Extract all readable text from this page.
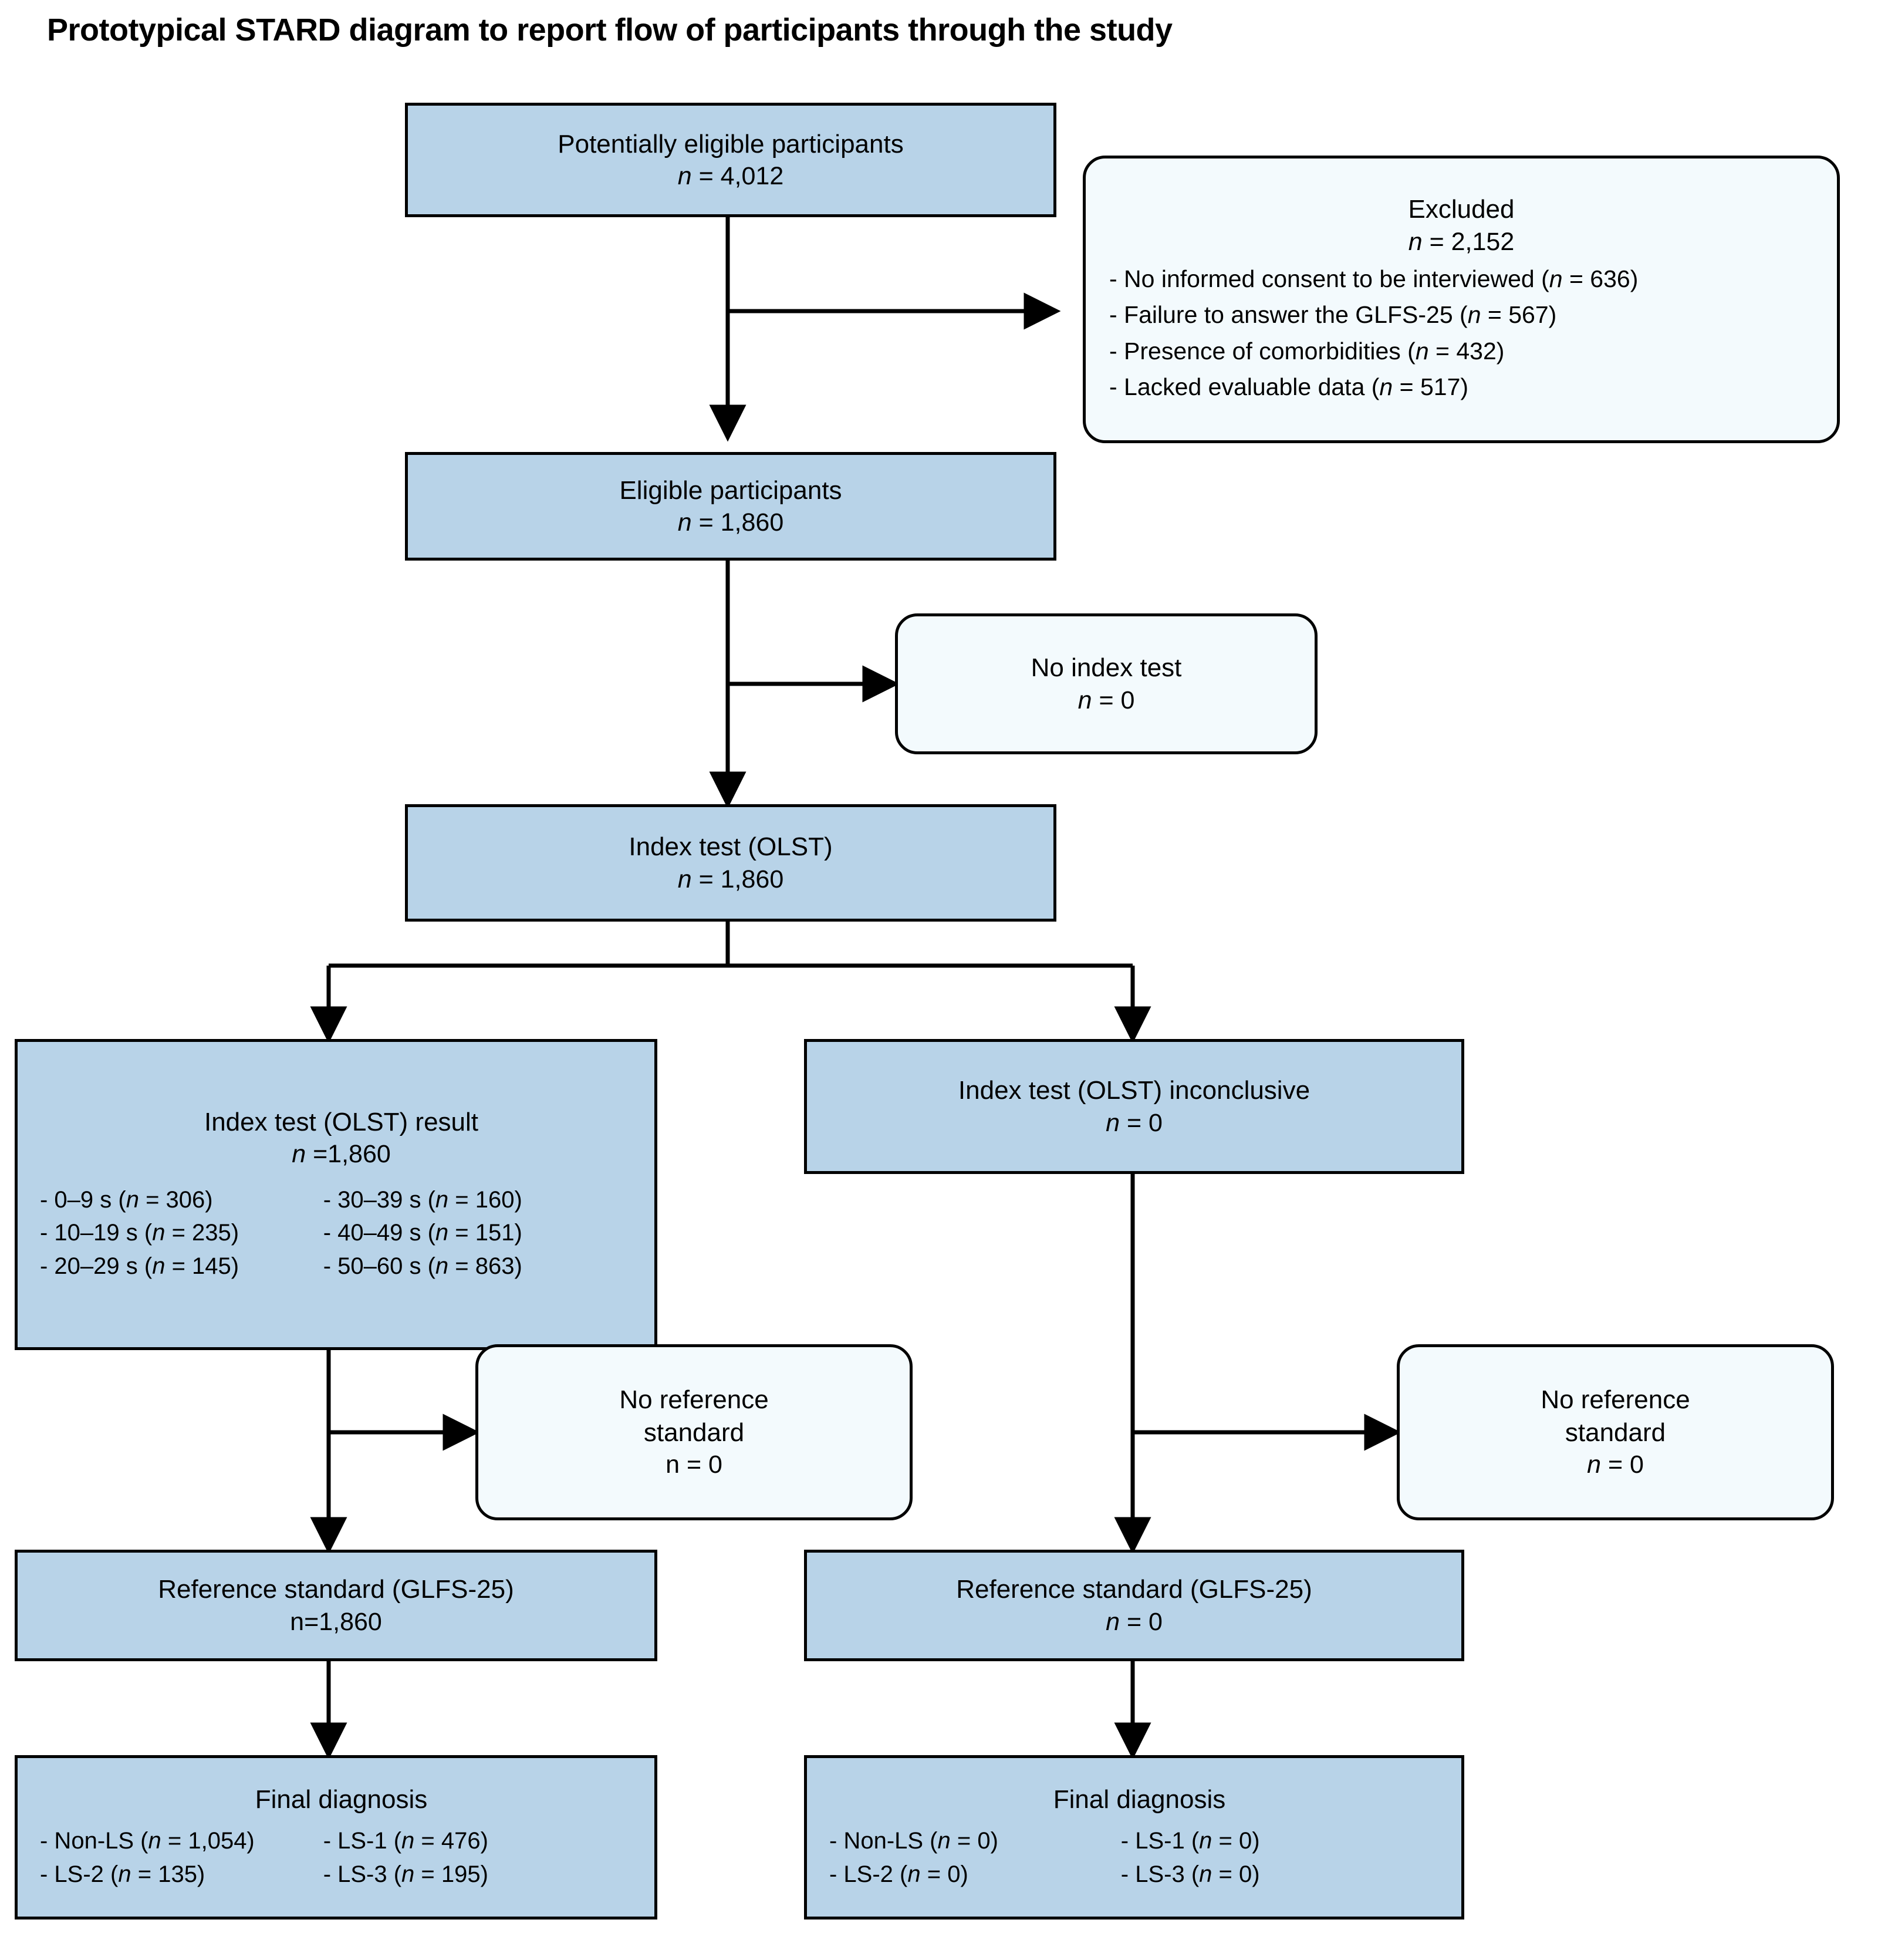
Prototypical STARD diagram to report flow of participants through the study
Potentially eligible participants
n = 4,012
Excluded
n = 2,152
- No informed consent to be interviewed (n = 636)
- Failure to answer the GLFS-25 (n = 567)
- Presence of comorbidities (n = 432)
- Lacked evaluable data (n = 517)
Eligible participants
n = 1,860
No index test
n = 0
Index test (OLST)
n = 1,860
Index test (OLST) result
n =1,860
- 0–9 s (n = 306)	- 30–39 s (n = 160)
- 10–19 s (n = 235)	- 40–49 s (n = 151)
- 20–29 s (n = 145)	- 50–60 s (n = 863)
Index test (OLST) inconclusive
n = 0
No reference
standard
n = 0
No reference
standard
n = 0
Reference standard (GLFS-25)
n=1,860
Reference standard (GLFS-25)
n = 0
Final diagnosis
- Non-LS (n = 1,054)	- LS-1 (n = 476)
- LS-2 (n = 135)	- LS-3 (n = 195)
Final diagnosis
- Non-LS (n = 0)	- LS-1 (n = 0)
- LS-2 (n = 0)	- LS-3 (n = 0)
